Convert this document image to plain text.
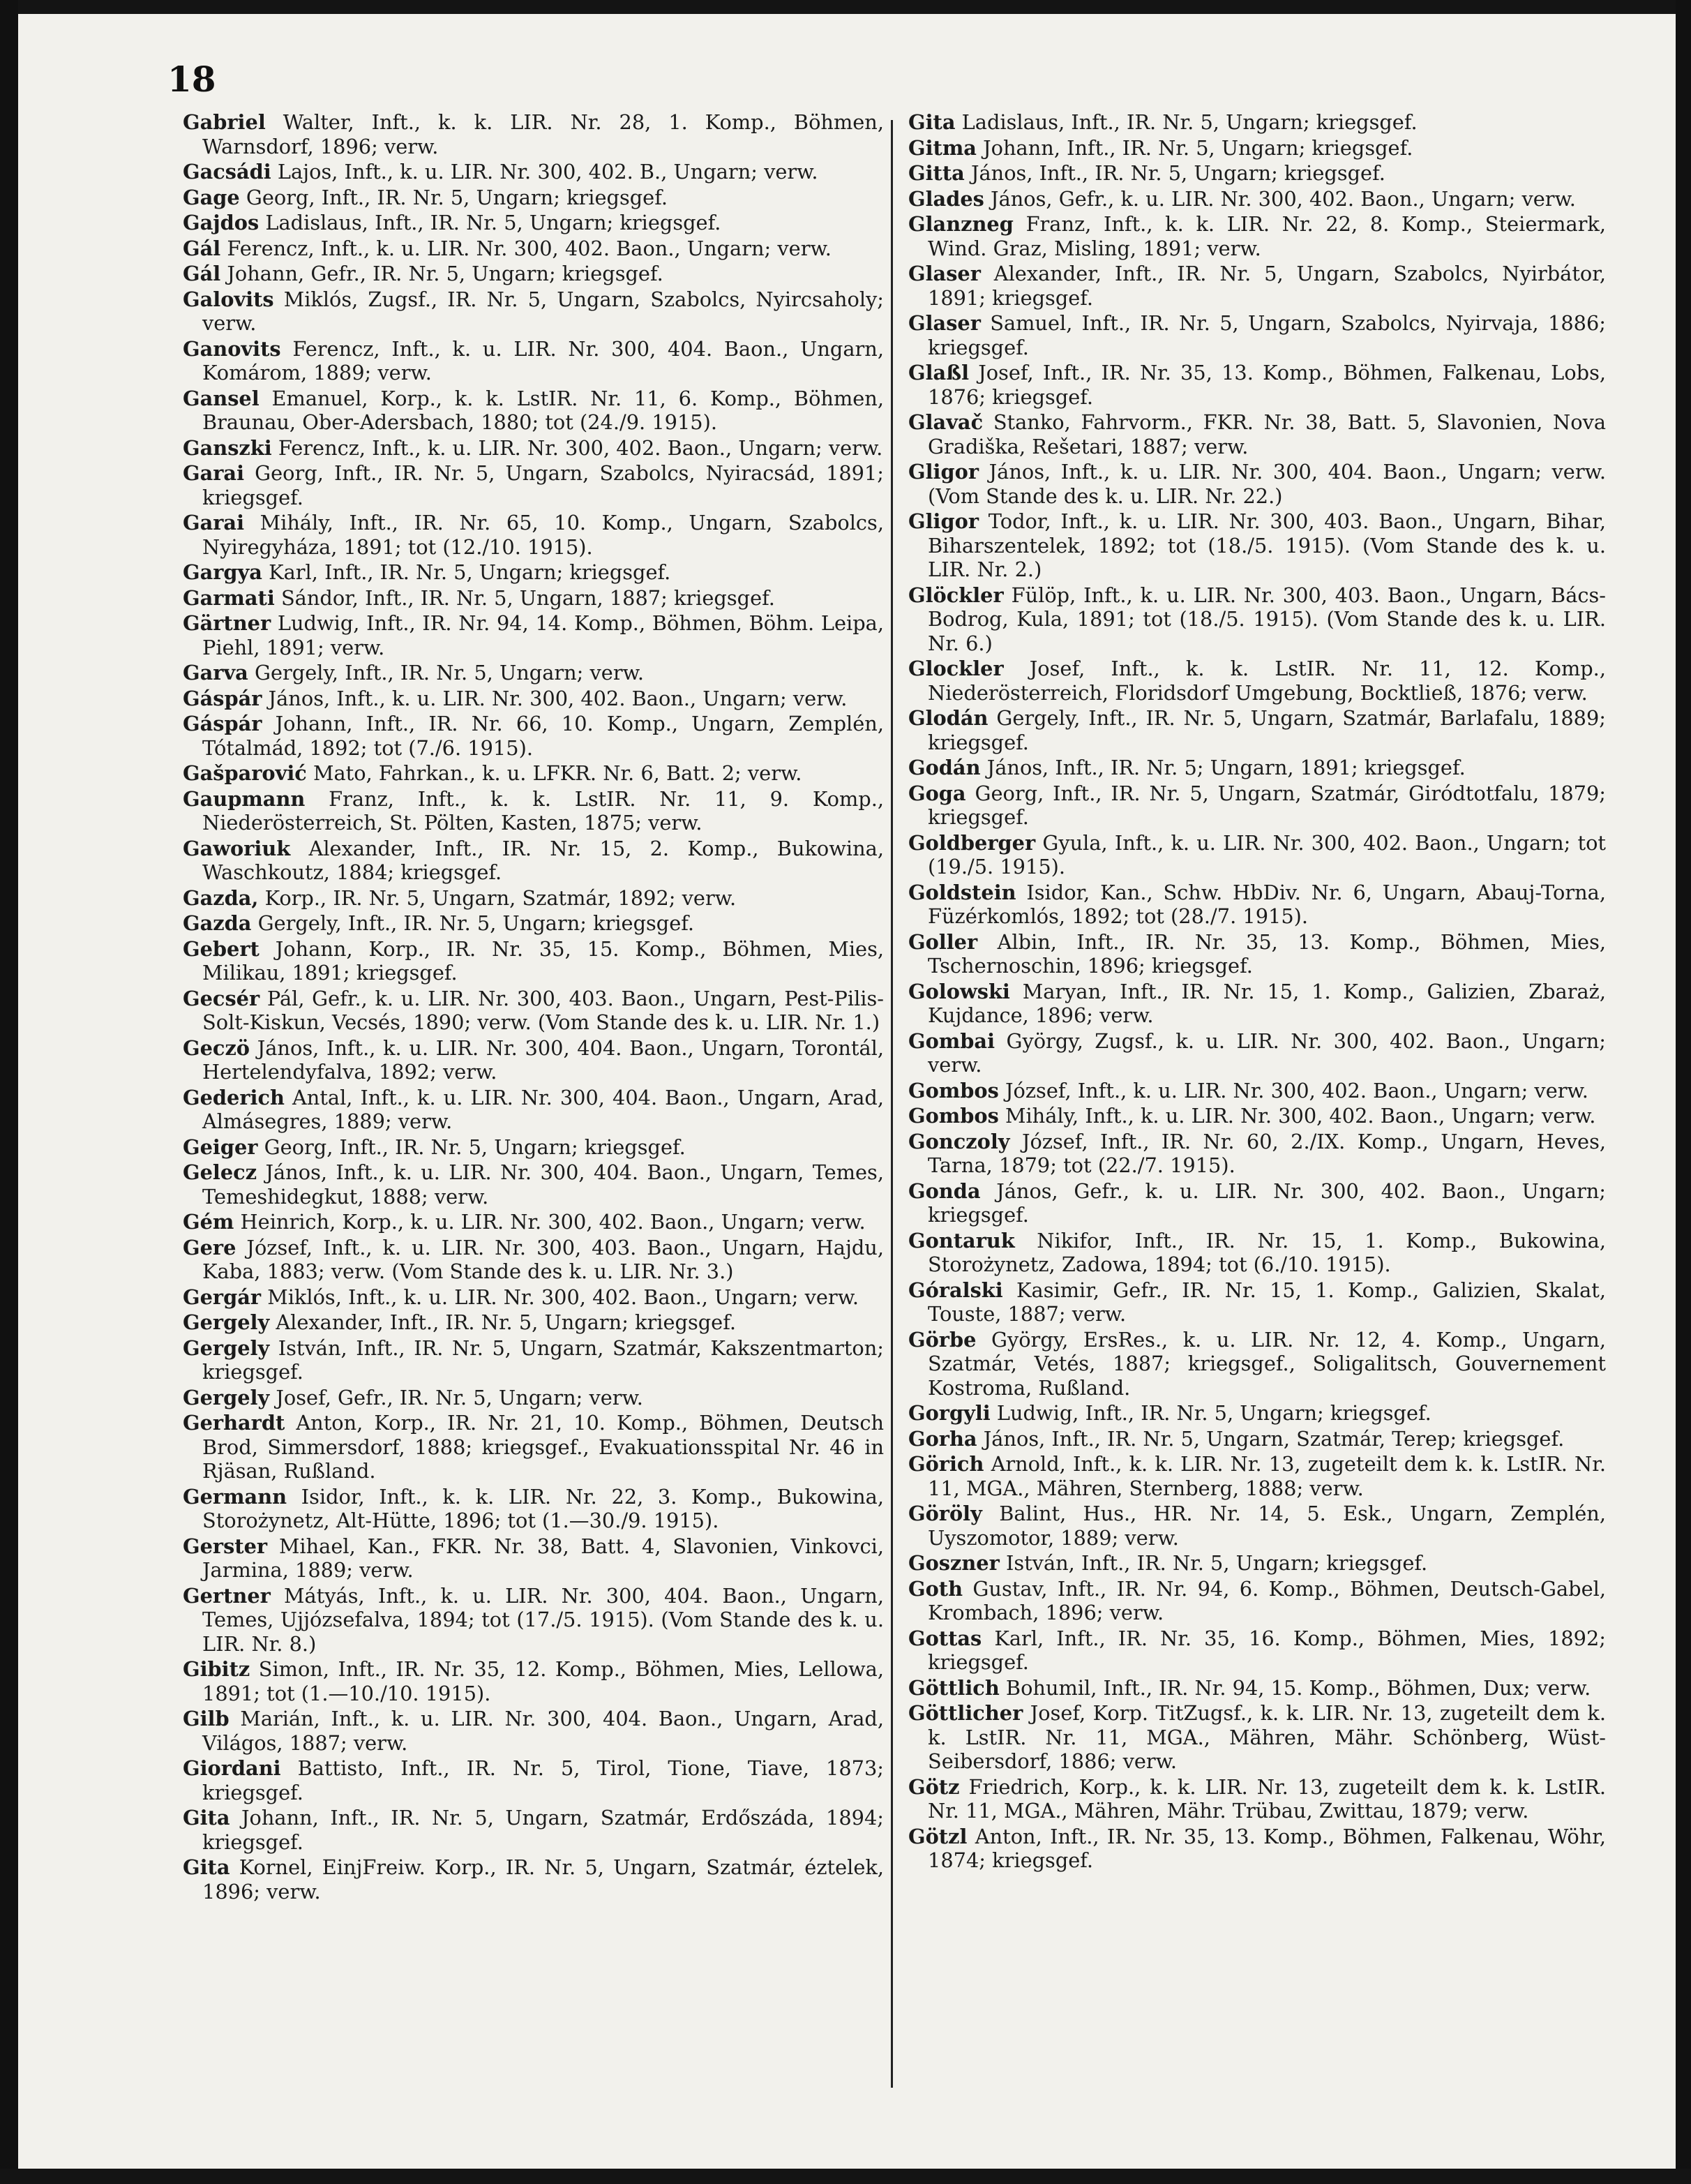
18

Gabriel Walter, Inft., k. k. LIR. Nr. 28, 1. Komp., Böhmen, Warnsdorf, 1896; verw.

Gacsádi Lajos, Inft., k. u. LIR. Nr. 300, 402. B., Ungarn; verw.

Gage Georg, Inft., IR. Nr. 5, Ungarn; kriegsgef.

Gajdos Ladislaus, Inft., IR. Nr. 5, Ungarn; kriegsgef.

Gál Ferencz, Inft., k. u. LIR. Nr. 300, 402. Baon., Ungarn; verw.

Gál Johann, Gefr., IR. Nr. 5, Ungarn; kriegsgef.

Galovits Miklós, Zugsf., IR. Nr. 5, Ungarn, Szabolcs, Nyircsaholy; verw.

Ganovits Ferencz, Inft., k. u. LIR. Nr. 300, 404. Baon., Ungarn, Komárom, 1889; verw.

Gansel Emanuel, Korp., k. k. LstIR. Nr. 11, 6. Komp., Böhmen, Braunau, Ober-Adersbach, 1880; tot (24./9. 1915).

Ganszki Ferencz, Inft., k. u. LIR. Nr. 300, 402. Baon., Ungarn; verw.

Garai Georg, Inft., IR. Nr. 5, Ungarn, Szabolcs, Nyiracsád, 1891; kriegsgef.

Garai Mihály, Inft., IR. Nr. 65, 10. Komp., Ungarn, Szabolcs, Nyiregyháza, 1891; tot (12./10. 1915).

Gargya Karl, Inft., IR. Nr. 5, Ungarn; kriegsgef.

Garmati Sándor, Inft., IR. Nr. 5, Ungarn, 1887; kriegsgef.

Gärtner Ludwig, Inft., IR. Nr. 94, 14. Komp., Böhmen, Böhm. Leipa, Piehl, 1891; verw.

Garva Gergely, Inft., IR. Nr. 5, Ungarn; verw.

Gáspár János, Inft., k. u. LIR. Nr. 300, 402. Baon., Ungarn; verw.

Gáspár Johann, Inft., IR. Nr. 66, 10. Komp., Ungarn, Zemplén, Tótalmád, 1892; tot (7./6. 1915).

Gašparović Mato, Fahrkan., k. u. LFKR. Nr. 6, Batt. 2; verw.

Gaupmann Franz, Inft., k. k. LstIR. Nr. 11, 9. Komp., Niederösterreich, St. Pölten, Kasten, 1875; verw.

Gaworiuk Alexander, Inft., IR. Nr. 15, 2. Komp., Bukowina, Waschkoutz, 1884; kriegsgef.

Gazda, Korp., IR. Nr. 5, Ungarn, Szatmár, 1892; verw.

Gazda Gergely, Inft., IR. Nr. 5, Ungarn; kriegsgef.

Gebert Johann, Korp., IR. Nr. 35, 15. Komp., Böhmen, Mies, Milikau, 1891; kriegsgef.

Gecsér Pál, Gefr., k. u. LIR. Nr. 300, 403. Baon., Ungarn, Pest-Pilis-Solt-Kiskun, Vecsés, 1890; verw. (Vom Stande des k. u. LIR. Nr. 1.)

Geczö János, Inft., k. u. LIR. Nr. 300, 404. Baon., Ungarn, Torontál, Hertelendyfalva, 1892; verw.

Gederich Antal, Inft., k. u. LIR. Nr. 300, 404. Baon., Ungarn, Arad, Almásegres, 1889; verw.

Geiger Georg, Inft., IR. Nr. 5, Ungarn; kriegsgef.

Gelecz János, Inft., k. u. LIR. Nr. 300, 404. Baon., Ungarn, Temes, Temeshidegkut, 1888; verw.

Gém Heinrich, Korp., k. u. LIR. Nr. 300, 402. Baon., Ungarn; verw.

Gere József, Inft., k. u. LIR. Nr. 300, 403. Baon., Ungarn, Hajdu, Kaba, 1883; verw. (Vom Stande des k. u. LIR. Nr. 3.)

Gergár Miklós, Inft., k. u. LIR. Nr. 300, 402. Baon., Ungarn; verw.

Gergely Alexander, Inft., IR. Nr. 5, Ungarn; kriegsgef.

Gergely István, Inft., IR. Nr. 5, Ungarn, Szatmár, Kakszentmarton; kriegsgef.

Gergely Josef, Gefr., IR. Nr. 5, Ungarn; verw.

Gerhardt Anton, Korp., IR. Nr. 21, 10. Komp., Böhmen, Deutsch Brod, Simmersdorf, 1888; kriegsgef., Evakuationsspital Nr. 46 in Rjäsan, Rußland.

Germann Isidor, Inft., k. k. LIR. Nr. 22, 3. Komp., Bukowina, Storożynetz, Alt-Hütte, 1896; tot (1.—30./9. 1915).

Gerster Mihael, Kan., FKR. Nr. 38, Batt. 4, Slavonien, Vinkovci, Jarmina, 1889; verw.

Gertner Mátyás, Inft., k. u. LIR. Nr. 300, 404. Baon., Ungarn, Temes, Ujjózsefalva, 1894; tot (17./5. 1915). (Vom Stande des k. u. LIR. Nr. 8.)

Gibitz Simon, Inft., IR. Nr. 35, 12. Komp., Böhmen, Mies, Lellowa, 1891; tot (1.—10./10. 1915).

Gilb Marián, Inft., k. u. LIR. Nr. 300, 404. Baon., Ungarn, Arad, Világos, 1887; verw.

Giordani Battisto, Inft., IR. Nr. 5, Tirol, Tione, Tiave, 1873; kriegsgef.

Gita Johann, Inft., IR. Nr. 5, Ungarn, Szatmár, Erdőszáda, 1894; kriegsgef.

Gita Kornel, EinjFreiw. Korp., IR. Nr. 5, Ungarn, Szatmár, éztelek, 1896; verw.

Gita Ladislaus, Inft., IR. Nr. 5, Ungarn; kriegsgef.

Gitma Johann, Inft., IR. Nr. 5, Ungarn; kriegsgef.

Gitta János, Inft., IR. Nr. 5, Ungarn; kriegsgef.

Glades János, Gefr., k. u. LIR. Nr. 300, 402. Baon., Ungarn; verw.

Glanzneg Franz, Inft., k. k. LIR. Nr. 22, 8. Komp., Steiermark, Wind. Graz, Misling, 1891; verw.

Glaser Alexander, Inft., IR. Nr. 5, Ungarn, Szabolcs, Nyirbátor, 1891; kriegsgef.

Glaser Samuel, Inft., IR. Nr. 5, Ungarn, Szabolcs, Nyirvaja, 1886; kriegsgef.

Glaßl Josef, Inft., IR. Nr. 35, 13. Komp., Böhmen, Falkenau, Lobs, 1876; kriegsgef.

Glavač Stanko, Fahrvorm., FKR. Nr. 38, Batt. 5, Slavonien, Nova Gradiška, Rešetari, 1887; verw.

Gligor János, Inft., k. u. LIR. Nr. 300, 404. Baon., Ungarn; verw. (Vom Stande des k. u. LIR. Nr. 22.)

Gligor Todor, Inft., k. u. LIR. Nr. 300, 403. Baon., Ungarn, Bihar, Biharszentelek, 1892; tot (18./5. 1915). (Vom Stande des k. u. LIR. Nr. 2.)

Glöckler Fülöp, Inft., k. u. LIR. Nr. 300, 403. Baon., Ungarn, Bács-Bodrog, Kula, 1891; tot (18./5. 1915). (Vom Stande des k. u. LIR. Nr. 6.)

Glockler Josef, Inft., k. k. LstIR. Nr. 11, 12. Komp., Niederösterreich, Floridsdorf Umgebung, Bocktließ, 1876; verw.

Glodán Gergely, Inft., IR. Nr. 5, Ungarn, Szatmár, Barlafalu, 1889; kriegsgef.

Godán János, Inft., IR. Nr. 5; Ungarn, 1891; kriegsgef.

Goga Georg, Inft., IR. Nr. 5, Ungarn, Szatmár, Giródtotfalu, 1879; kriegsgef.

Goldberger Gyula, Inft., k. u. LIR. Nr. 300, 402. Baon., Ungarn; tot (19./5. 1915).

Goldstein Isidor, Kan., Schw. HbDiv. Nr. 6, Ungarn, Abauj-Torna, Füzérkomlós, 1892; tot (28./7. 1915).

Goller Albin, Inft., IR. Nr. 35, 13. Komp., Böhmen, Mies, Tschernoschin, 1896; kriegsgef.

Golowski Maryan, Inft., IR. Nr. 15, 1. Komp., Galizien, Zbaraż, Kujdance, 1896; verw.

Gombai György, Zugsf., k. u. LIR. Nr. 300, 402. Baon., Ungarn; verw.

Gombos József, Inft., k. u. LIR. Nr. 300, 402. Baon., Ungarn; verw.

Gombos Mihály, Inft., k. u. LIR. Nr. 300, 402. Baon., Ungarn; verw.

Gonczoly József, Inft., IR. Nr. 60, 2./IX. Komp., Ungarn, Heves, Tarna, 1879; tot (22./7. 1915).

Gonda János, Gefr., k. u. LIR. Nr. 300, 402. Baon., Ungarn; kriegsgef.

Gontaruk Nikifor, Inft., IR. Nr. 15, 1. Komp., Bukowina, Storożynetz, Zadowa, 1894; tot (6./10. 1915).

Góralski Kasimir, Gefr., IR. Nr. 15, 1. Komp., Galizien, Skalat, Touste, 1887; verw.

Görbe György, ErsRes., k. u. LIR. Nr. 12, 4. Komp., Ungarn, Szatmár, Vetés, 1887; kriegsgef., Soligalitsch, Gouvernement Kostroma, Rußland.

Gorgyli Ludwig, Inft., IR. Nr. 5, Ungarn; kriegsgef.

Gorha János, Inft., IR. Nr. 5, Ungarn, Szatmár, Terep; kriegsgef.

Görich Arnold, Inft., k. k. LIR. Nr. 13, zugeteilt dem k. k. LstIR. Nr. 11, MGA., Mähren, Sternberg, 1888; verw.

Göröly Balint, Hus., HR. Nr. 14, 5. Esk., Ungarn, Zemplén, Uyszomotor, 1889; verw.

Goszner István, Inft., IR. Nr. 5, Ungarn; kriegsgef.

Goth Gustav, Inft., IR. Nr. 94, 6. Komp., Böhmen, Deutsch-Gabel, Krombach, 1896; verw.

Gottas Karl, Inft., IR. Nr. 35, 16. Komp., Böhmen, Mies, 1892; kriegsgef.

Göttlich Bohumil, Inft., IR. Nr. 94, 15. Komp., Böhmen, Dux; verw.

Göttlicher Josef, Korp. TitZugsf., k. k. LIR. Nr. 13, zugeteilt dem k. k. LstIR. Nr. 11, MGA., Mähren, Mähr. Schönberg, Wüst-Seibersdorf, 1886; verw.

Götz Friedrich, Korp., k. k. LIR. Nr. 13, zugeteilt dem k. k. LstIR. Nr. 11, MGA., Mähren, Mähr. Trübau, Zwittau, 1879; verw.

Götzl Anton, Inft., IR. Nr. 35, 13. Komp., Böhmen, Falkenau, Wöhr, 1874; kriegsgef.
